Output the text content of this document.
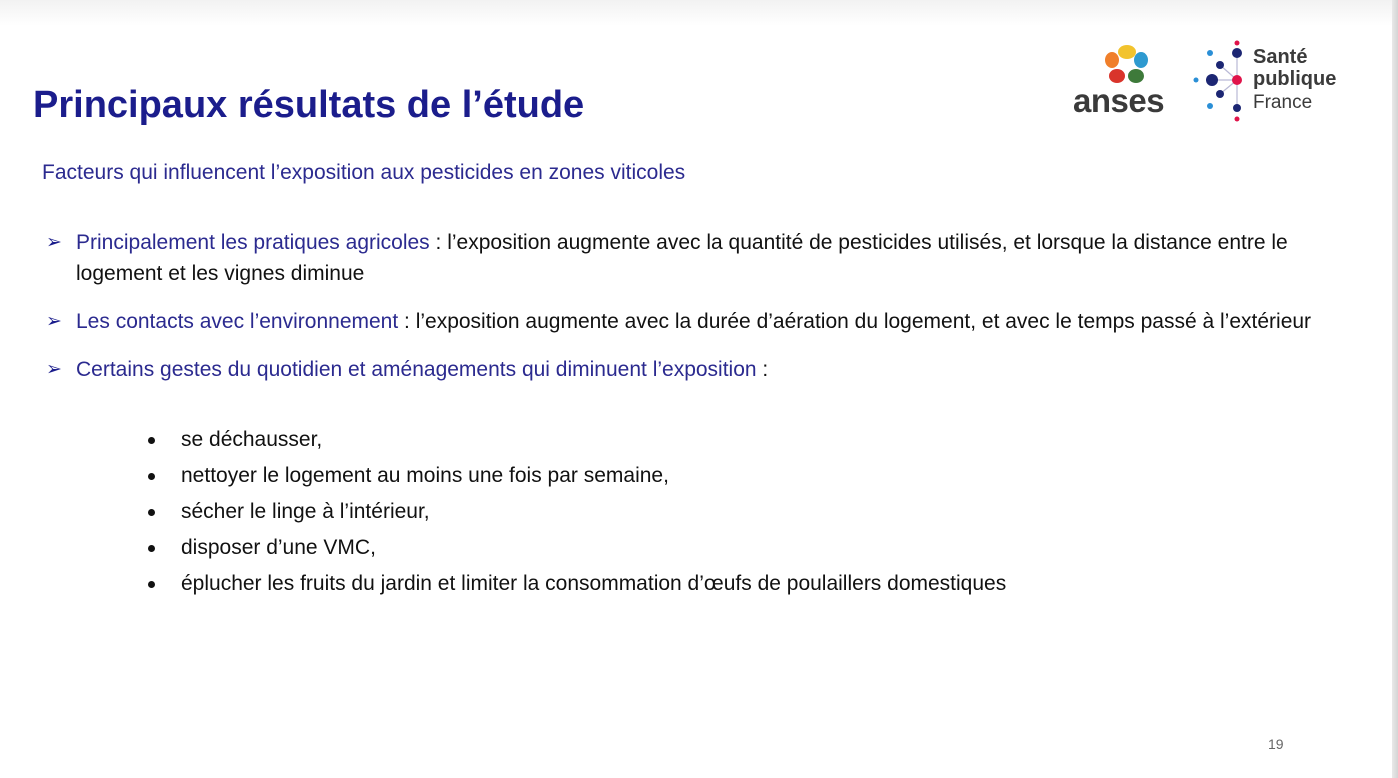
Principaux résultats de l’étude	anses
Santé
publique
France
Facteurs qui influencent l’exposition aux pesticides en zones viticoles
➢ Principalement les pratiques agricoles : l’exposition augmente avec la quantité de pesticides utilisés, et lorsque la distance entre le logement et les vignes diminue
➢ Les contacts avec l’environnement : l’exposition augmente avec la durée d’aération du logement, et avec le temps passé à l’extérieur
➢ Certains gestes du quotidien et aménagements qui diminuent l’exposition :
se déchausser,
nettoyer le logement au moins une fois par semaine,
sécher le linge à l’intérieur,
disposer d’une VMC,
éplucher les fruits du jardin et limiter la consommation d’œufs de poulaillers domestiques
19
